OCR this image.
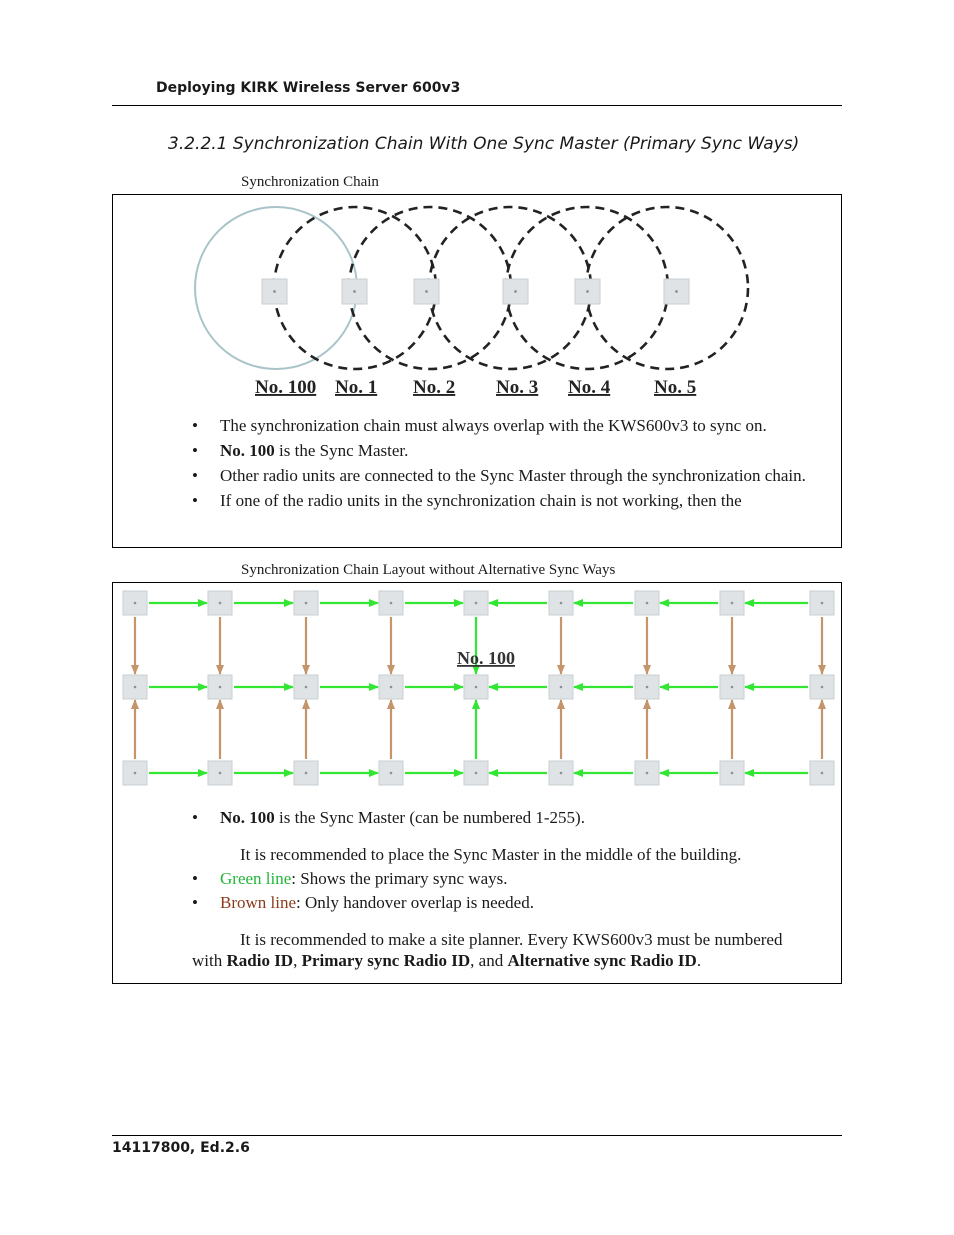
Deploying KIRK Wireless Server 600v3
3.2.2.1 Synchronization Chain With One Sync Master (Primary Sync Ways)
Synchronization Chain
No. 100 No. 1 No. 2 No. 3 No. 4 No. 5
• The synchronization chain must always overlap with the KWS600v3 to sync on.
• No. 100 is the Sync Master.
• Other radio units are connected to the Sync Master through the synchronization chain.
• If one of the radio units in the synchronization chain is not working, then the
Synchronization Chain Layout without Alternative Sync Ways
No. 100
• No. 100 is the Sync Master (can be numbered 1-255).
It is recommended to place the Sync Master in the middle of the building.
• Green line: Shows the primary sync ways.
• Brown line: Only handover overlap is needed.
It is recommended to make a site planner. Every KWS600v3 must be numbered with Radio ID, Primary sync Radio ID, and Alternative sync Radio ID.
14117800, Ed.2.6
